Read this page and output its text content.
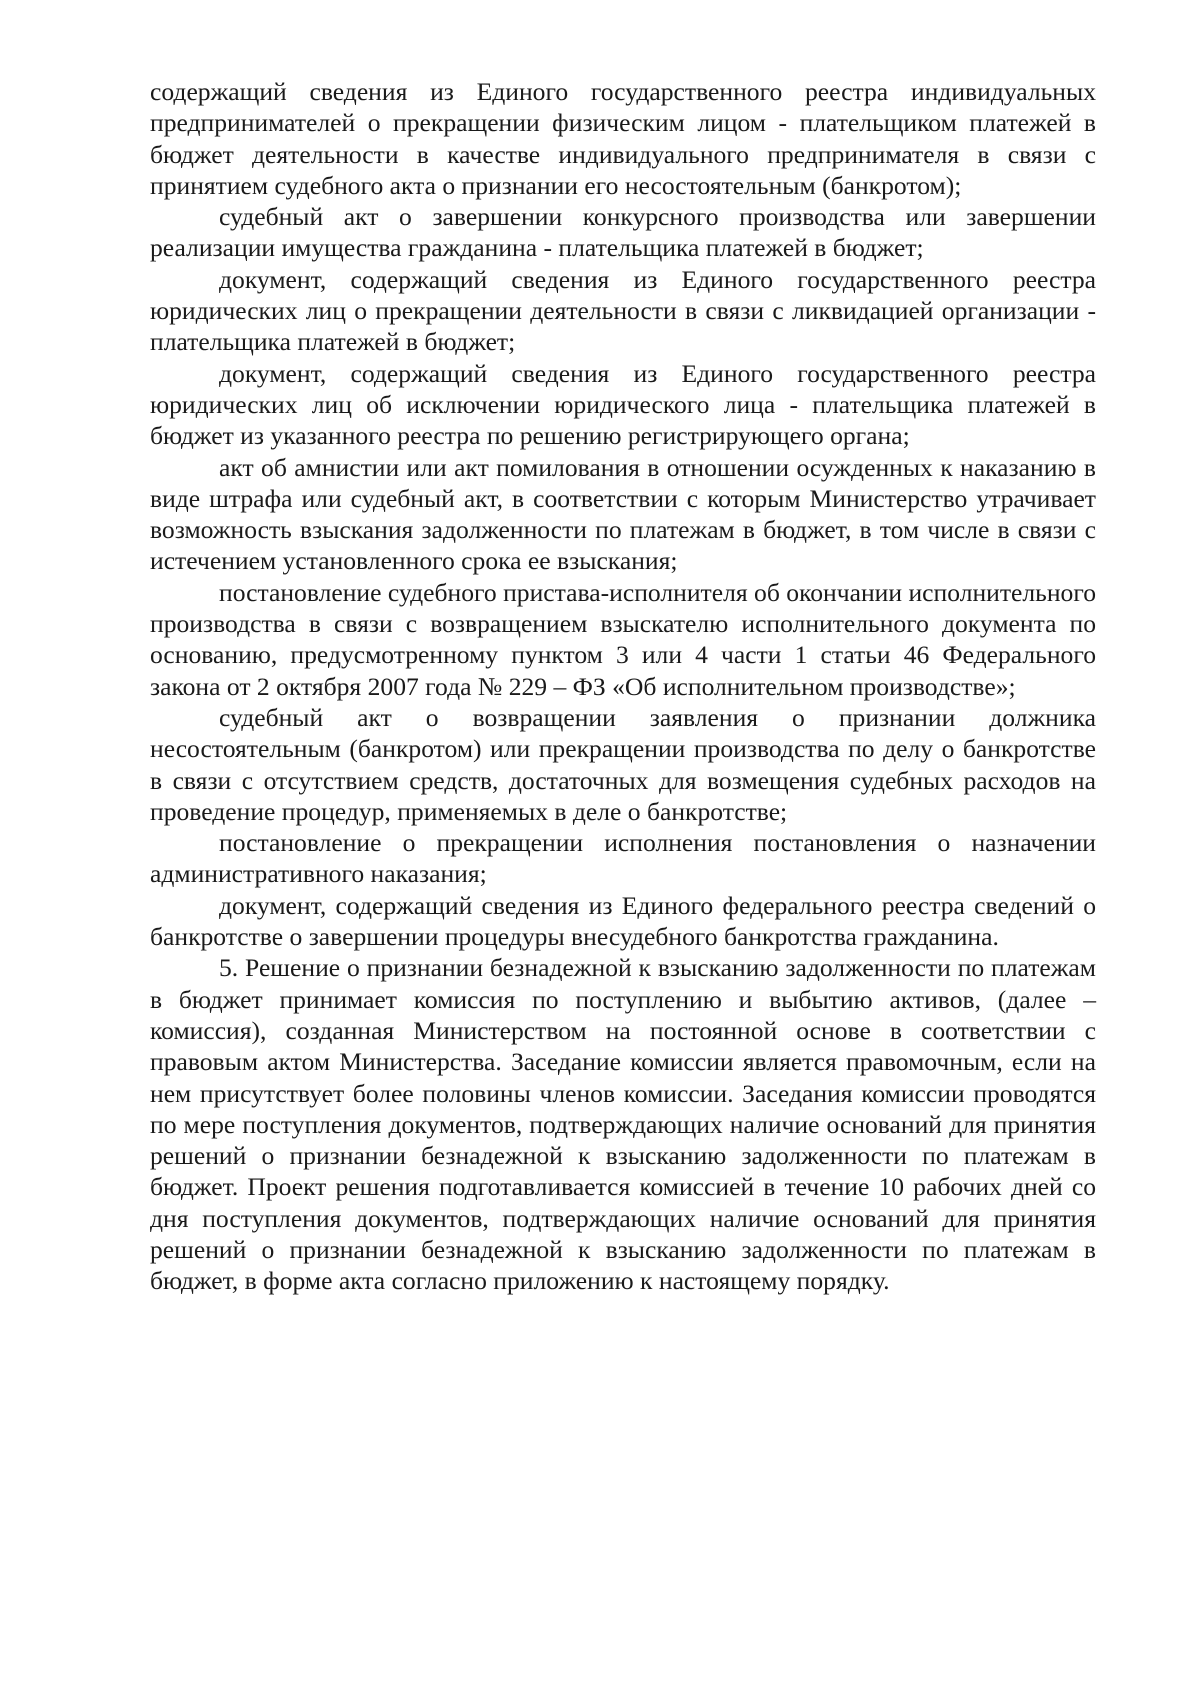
содержащий сведения из Единого государственного реестра индивидуальных предпринимателей о прекращении физическим лицом - плательщиком платежей в бюджет деятельности в качестве индивидуального предпринимателя в связи с принятием судебного акта о признании его несостоятельным (банкротом);

судебный акт о завершении конкурсного производства или завершении реализации имущества гражданина - плательщика платежей в бюджет;

документ, содержащий сведения из Единого государственного реестра юридических лиц о прекращении деятельности в связи с ликвидацией организации - плательщика платежей в бюджет;

документ, содержащий сведения из Единого государственного реестра юридических лиц об исключении юридического лица - плательщика платежей в бюджет из указанного реестра по решению регистрирующего органа;

акт об амнистии или акт помилования в отношении осужденных к наказанию в виде штрафа или судебный акт, в соответствии с которым Министерство утрачивает возможность взыскания задолженности по платежам в бюджет, в том числе в связи с истечением установленного срока ее взыскания;

постановление судебного пристава-исполнителя об окончании исполнительного производства в связи с возвращением взыскателю исполнительного документа по основанию, предусмотренному пунктом 3 или 4 части 1 статьи 46 Федерального закона от 2 октября 2007 года № 229 – ФЗ «Об исполнительном производстве»;

судебный акт о возвращении заявления о признании должника несостоятельным (банкротом) или прекращении производства по делу о банкротстве в связи с отсутствием средств, достаточных для возмещения судебных расходов на проведение процедур, применяемых в деле о банкротстве;

постановление о прекращении исполнения постановления о назначении административного наказания;

документ, содержащий сведения из Единого федерального реестра сведений о банкротстве о завершении процедуры внесудебного банкротства гражданина.

5. Решение о признании безнадежной к взысканию задолженности по платежам в бюджет принимает комиссия по поступлению и выбытию активов, (далее – комиссия), созданная Министерством на постоянной основе в соответствии с правовым актом Министерства. Заседание комиссии является правомочным, если на нем присутствует более половины членов комиссии. Заседания комиссии проводятся по мере поступления документов, подтверждающих наличие оснований для принятия решений о признании безнадежной к взысканию задолженности по платежам в бюджет. Проект решения подготавливается комиссией в течение 10 рабочих дней со дня поступления документов, подтверждающих наличие оснований для принятия решений о признании безнадежной к взысканию задолженности по платежам в бюджет, в форме акта согласно приложению к настоящему порядку.
